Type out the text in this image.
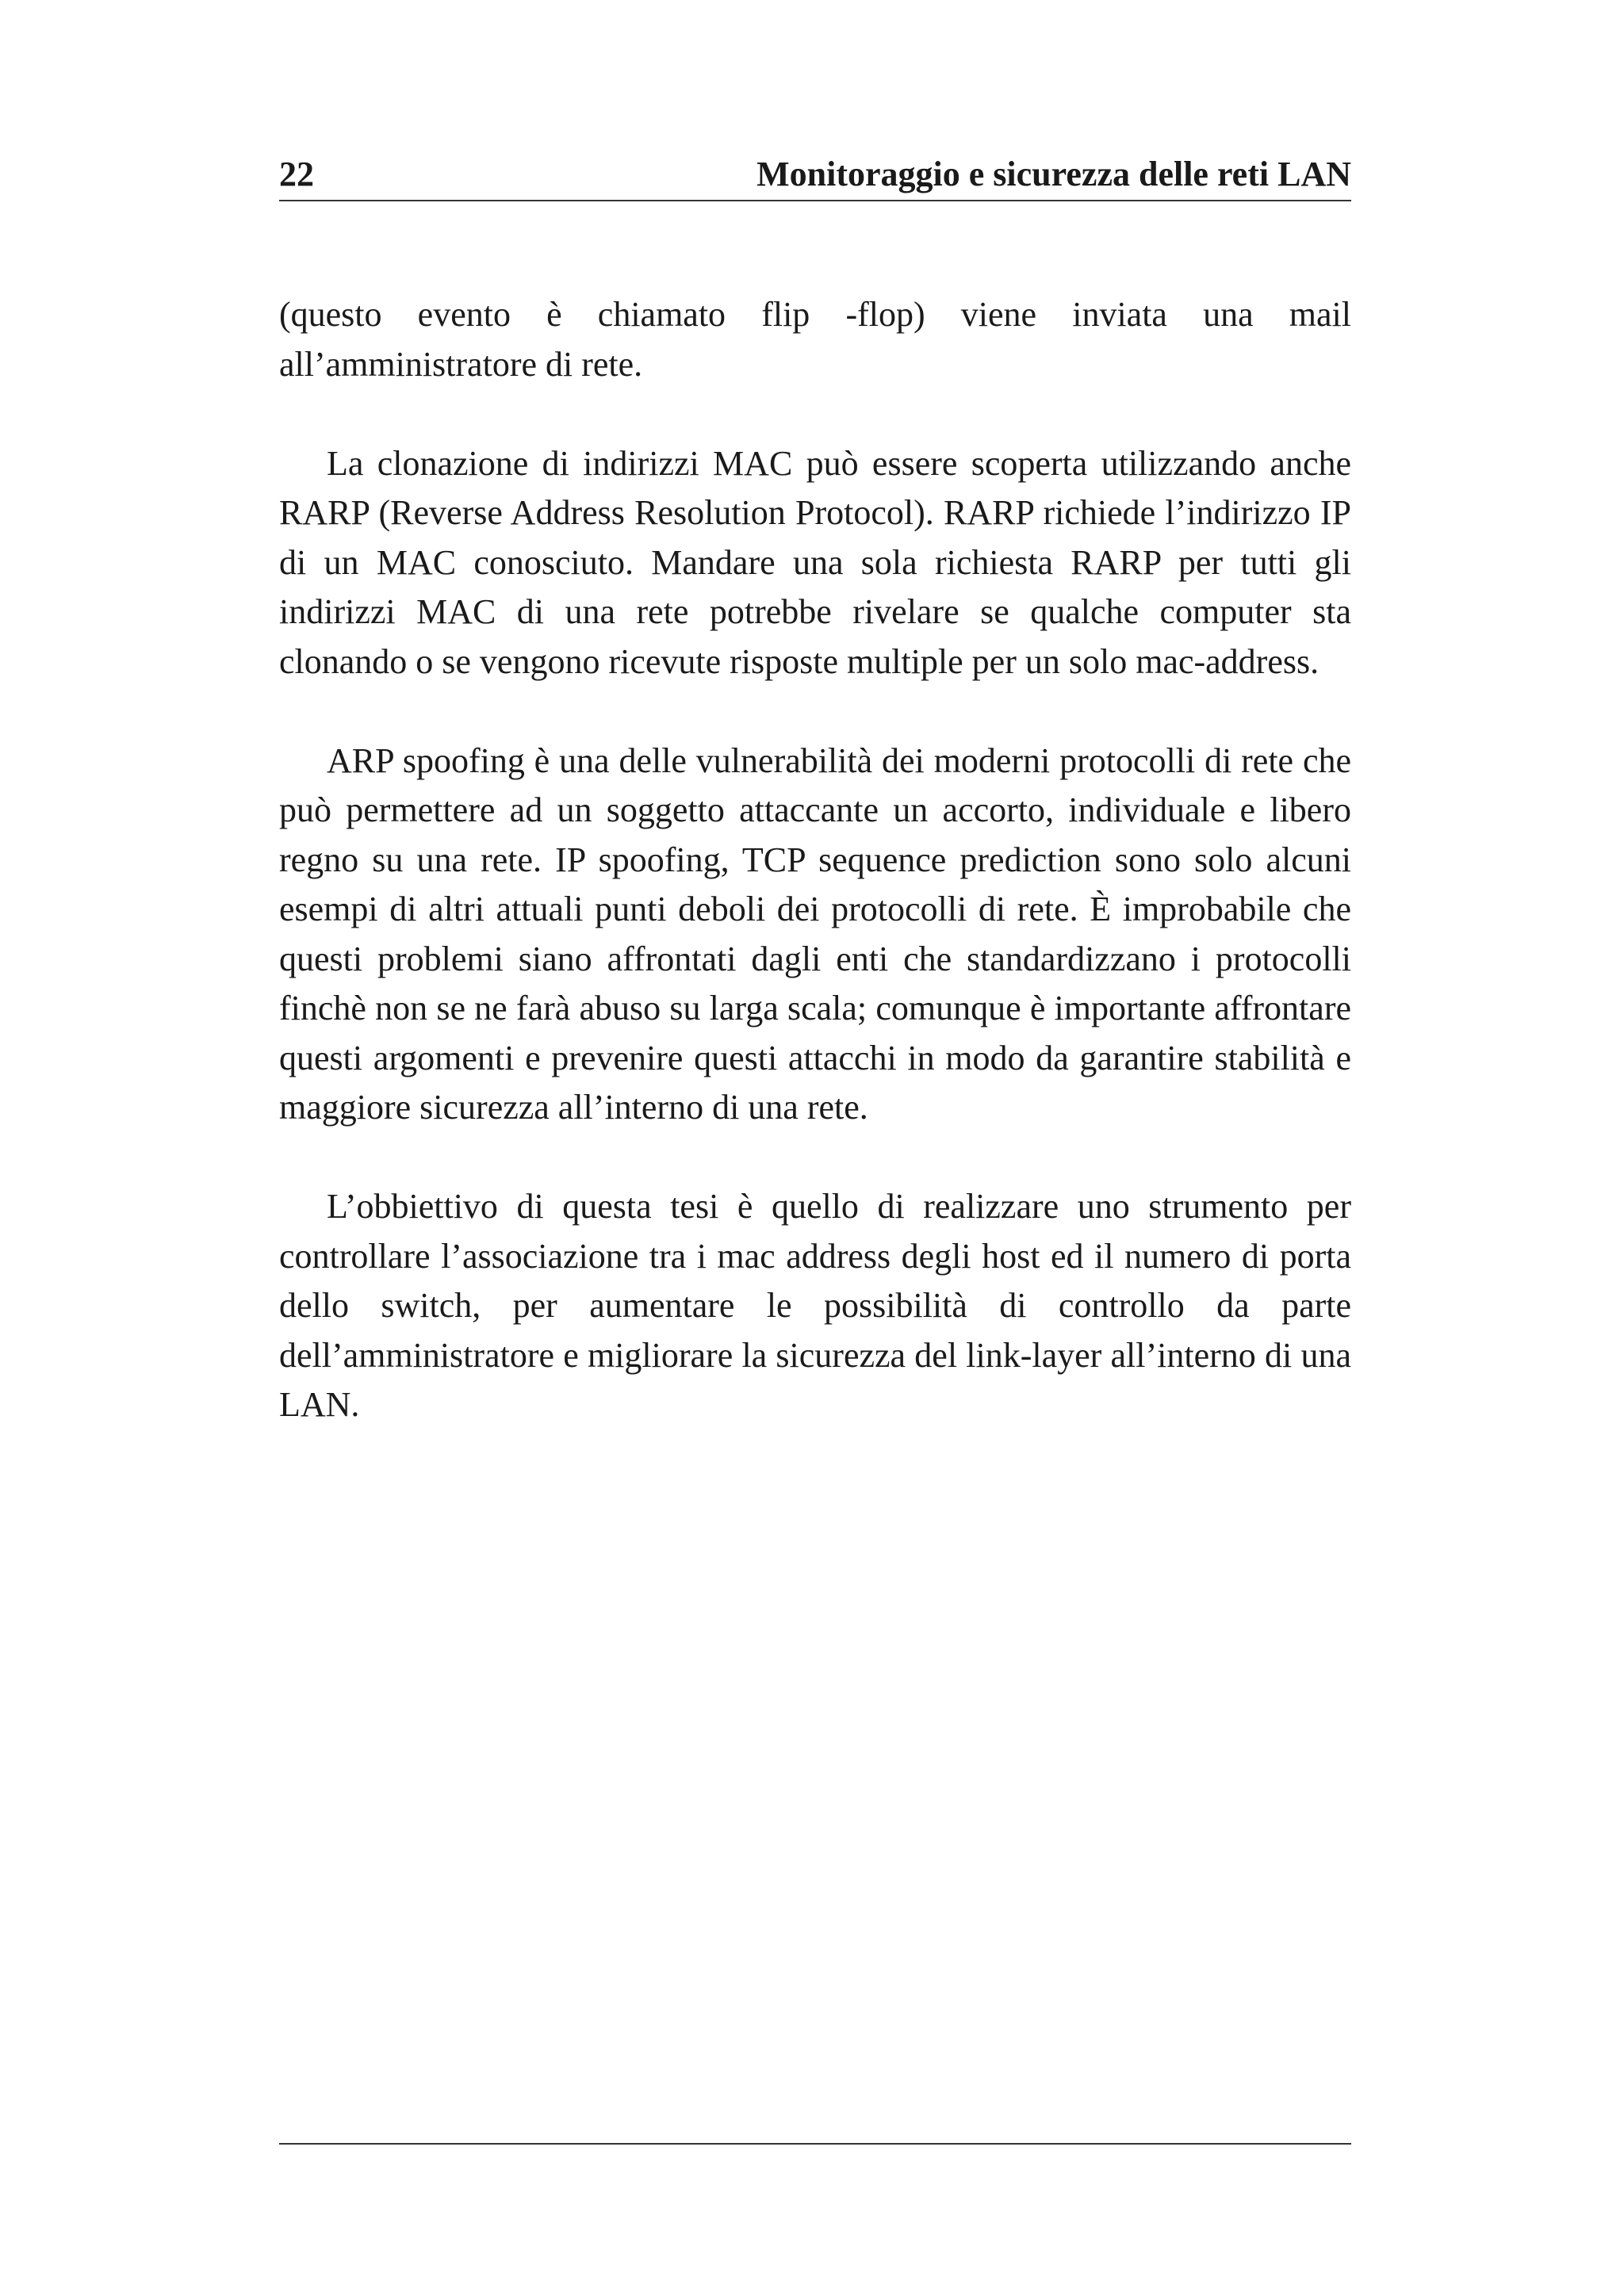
22	Monitoraggio e sicurezza delle reti LAN

(questo evento è chiamato flip -flop) viene inviata una mail all’amministratore di rete.

La clonazione di indirizzi MAC può essere scoperta utilizzando anche RARP (Reverse Address Resolution Protocol). RARP richiede l’indirizzo IP di un MAC conosciuto. Mandare una sola richiesta RARP per tutti gli indirizzi MAC di una rete potrebbe rivelare se qualche computer sta clonando o se vengono ricevute risposte multiple per un solo mac-address.

ARP spoofing è una delle vulnerabilità dei moderni protocolli di rete che può permettere ad un soggetto attaccante un accorto, individuale e libero regno su una rete. IP spoofing, TCP sequence prediction sono solo alcuni esempi di altri attuali punti deboli dei protocolli di rete. È improbabile che questi problemi siano affrontati dagli enti che standardizzano i protocolli finchè non se ne farà abuso su larga scala; comunque è importante affrontare questi argomenti e prevenire questi attacchi in modo da garantire stabilità e maggiore sicurezza all’interno di una rete.

L’obbiettivo di questa tesi è quello di realizzare uno strumento per controllare l’associazione tra i mac address degli host ed il numero di porta dello switch, per aumentare le possibilità di controllo da parte dell’amministratore e migliorare la sicurezza del link-layer all’interno di una LAN.
